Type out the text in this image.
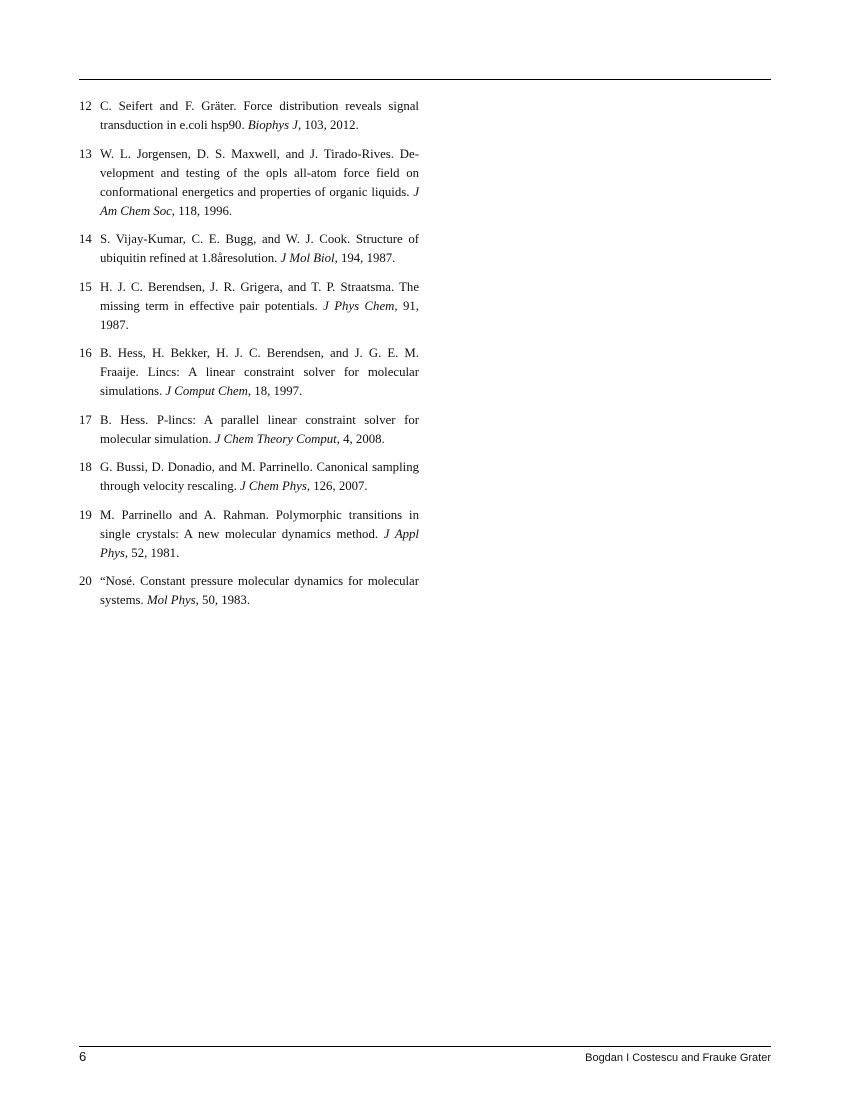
12 C. Seifert and F. Gräter. Force distribution reveals signal transduction in e.coli hsp90. Biophys J, 103, 2012.
13 W. L. Jorgensen, D. S. Maxwell, and J. Tirado-Rives. Development and testing of the opls all-atom force field on conformational energetics and properties of organic liquids. J Am Chem Soc, 118, 1996.
14 S. Vijay-Kumar, C. E. Bugg, and W. J. Cook. Structure of ubiquitin refined at 1.8åresolution. J Mol Biol, 194, 1987.
15 H. J. C. Berendsen, J. R. Grigera, and T. P. Straatsma. The missing term in effective pair potentials. J Phys Chem, 91, 1987.
16 B. Hess, H. Bekker, H. J. C. Berendsen, and J. G. E. M. Fraaije. Lincs: A linear constraint solver for molecular simulations. J Comput Chem, 18, 1997.
17 B. Hess. P-lincs: A parallel linear constraint solver for molecular simulation. J Chem Theory Comput, 4, 2008.
18 G. Bussi, D. Donadio, and M. Parrinello. Canonical sampling through velocity rescaling. J Chem Phys, 126, 2007.
19 M. Parrinello and A. Rahman. Polymorphic transitions in single crystals: A new molecular dynamics method. J Appl Phys, 52, 1981.
20 “Nosé. Constant pressure molecular dynamics for molecular systems. Mol Phys, 50, 1983.
6	Bogdan I Costescu and Frauke Grater
